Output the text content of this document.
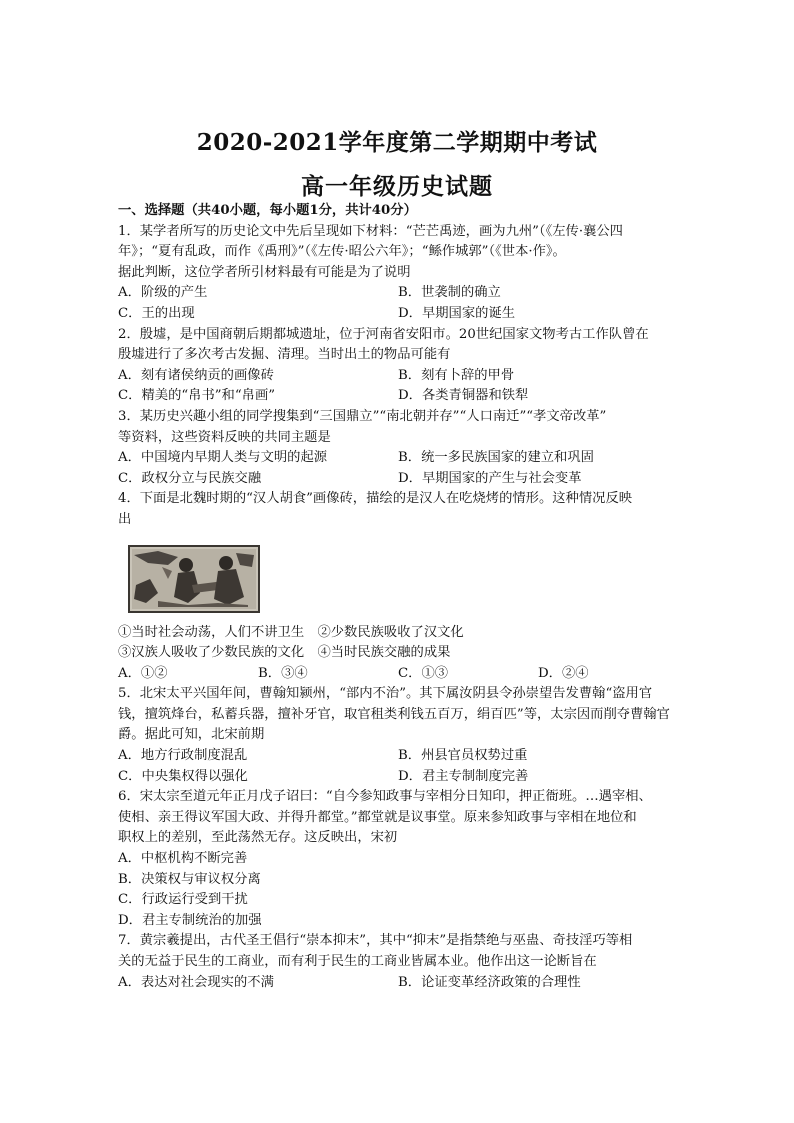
2020-2021学年度第二学期期中考试
高一年级历史试题
一、选择题（共40小题，每小题1分，共计40分）
1．某学者所写的历史论文中先后呈现如下材料：“芒芒禹迹，画为九州”（《左传·襄公四
年》；“夏有乱政，而作《禹刑》”（《左传·昭公六年》；“鲧作城郭”（《世本·作》。
据此判断，这位学者所引材料最有可能是为了说明
A．阶级的产生	B．世袭制的确立
C．王的出现	D．早期国家的诞生
2．殷墟，是中国商朝后期都城遗址，位于河南省安阳市。20世纪国家文物考古工作队曾在
殷墟进行了多次考古发掘、清理。当时出土的物品可能有
A．刻有诸侯纳贡的画像砖	B．刻有卜辞的甲骨
C．精美的“帛书”和“帛画”	D．各类青铜器和铁犁
3．某历史兴趣小组的同学搜集到“三国鼎立”“南北朝并存”“人口南迁”“孝文帝改革”
等资料，这些资料反映的共同主题是
A．中国境内早期人类与文明的起源	B．统一多民族国家的建立和巩固
C．政权分立与民族交融	D．早期国家的产生与社会变革
4．下面是北魏时期的“汉人胡食”画像砖，描绘的是汉人在吃烧烤的情形。这种情况反映
出
①当时社会动荡，人们不讲卫生　②少数民族吸收了汉文化
③汉族人吸收了少数民族的文化　④当时民族交融的成果
A．①②	B．③④	C．①③	D．②④
5．北宋太平兴国年间，曹翰知颍州，“部内不治”。其下属汝阴县令孙崇望告发曹翰“盗用官
钱，擅筑烽台，私蓄兵器，擅补牙官，取官租类利钱五百万，绢百匹”等，太宗因而削夺曹翰官
爵。据此可知，北宋前期
A．地方行政制度混乱	B．州县官员权势过重
C．中央集权得以强化	D．君主专制制度完善
6．宋太宗至道元年正月戊子诏曰：“自今参知政事与宰相分日知印，押正衙班。…遇宰相、
使相、亲王得议军国大政、并得升都堂。”都堂就是议事堂。原来参知政事与宰相在地位和
职权上的差别，至此荡然无存。这反映出，宋初
A．中枢机构不断完善
B．决策权与审议权分离
C．行政运行受到干扰
D．君主专制统治的加强
7．黄宗羲提出，古代圣王倡行“崇本抑末”，其中“抑末”是指禁绝与巫蛊、奇技淫巧等相
关的无益于民生的工商业，而有利于民生的工商业皆属本业。他作出这一论断旨在
A．表达对社会现实的不满	B．论证变革经济政策的合理性
